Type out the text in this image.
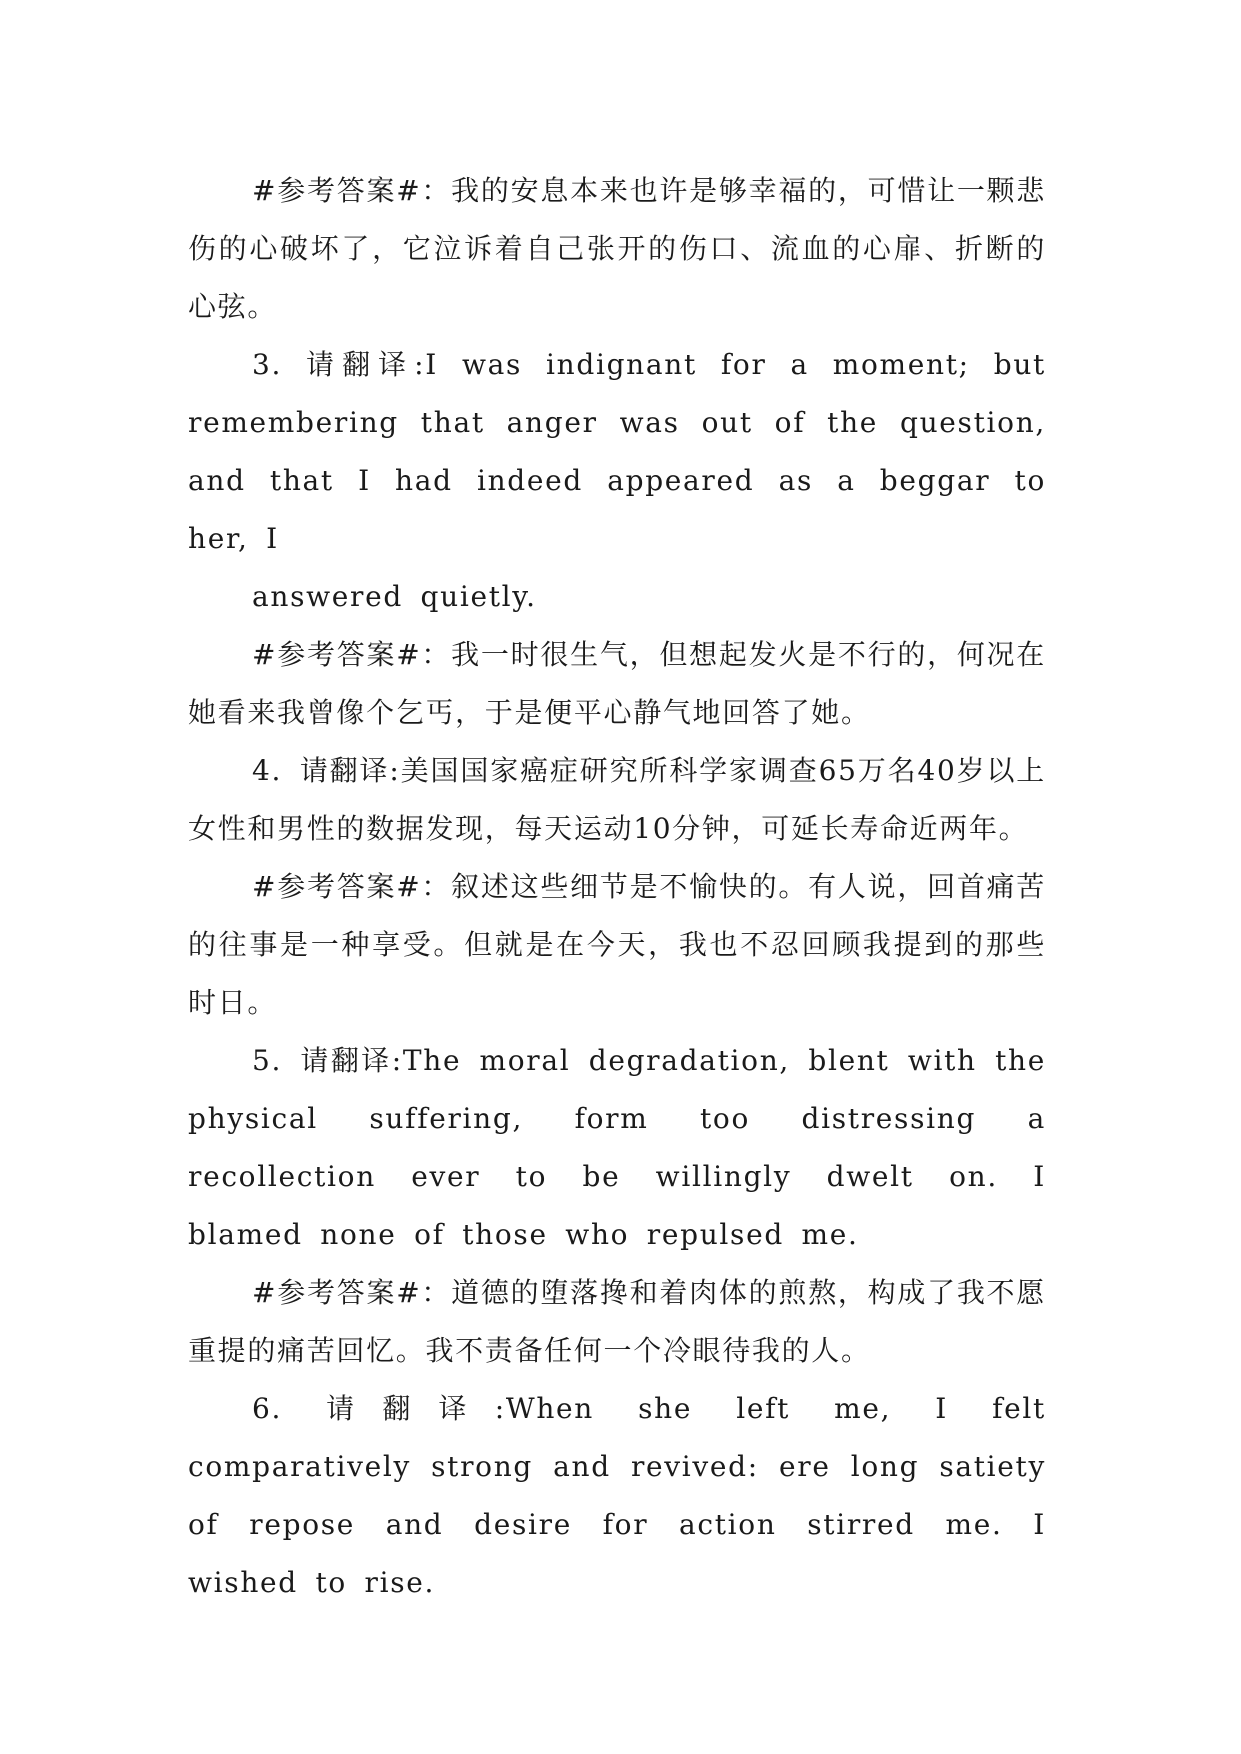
#参考答案#：我的安息本来也许是够幸福的，可惜让一颗悲伤的心破坏了，它泣诉着自己张开的伤口、流血的心扉、折断的心弦。

3. 请翻译:I was indignant for a moment; but remembering that anger was out of the question, and that I had indeed appeared as a beggar to her, I

answered quietly.

#参考答案#：我一时很生气，但想起发火是不行的，何况在她看来我曾像个乞丐，于是便平心静气地回答了她。

4. 请翻译:美国国家癌症研究所科学家调查65万名40岁以上女性和男性的数据发现，每天运动10分钟，可延长寿命近两年。

#参考答案#：叙述这些细节是不愉快的。有人说，回首痛苦的往事是一种享受。但就是在今天，我也不忍回顾我提到的那些时日。

5. 请翻译:The moral degradation, blent with the physical suffering, form too distressing a recollection ever to be willingly dwelt on. I blamed none of those who repulsed me.

#参考答案#：道德的堕落搀和着肉体的煎熬，构成了我不愿重提的痛苦回忆。我不责备任何一个冷眼待我的人。

6. 请翻译:When she left me, I felt comparatively strong and revived: ere long satiety of repose and desire for action stirred me. I wished to rise.
